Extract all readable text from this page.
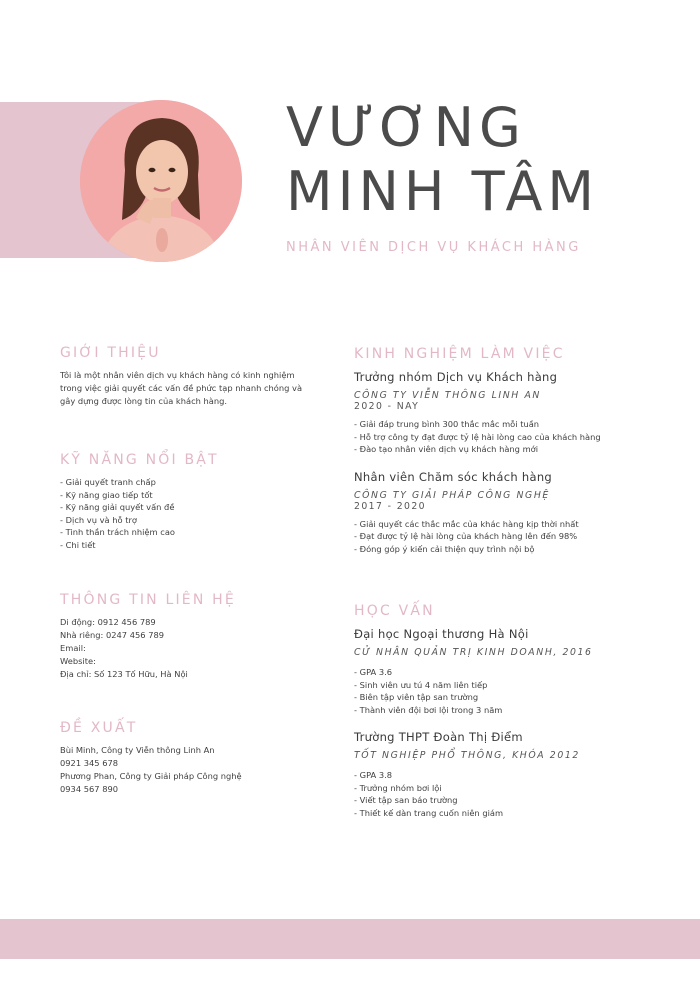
VƯƠNG
MINH TÂM
NHÂN VIÊN DỊCH VỤ KHÁCH HÀNG
GIỚI THIỆU
Tôi là một nhân viên dịch vụ khách hàng có kinh nghiệm trong việc giải quyết các vấn đề phức tạp nhanh chóng và gây dựng được lòng tin của khách hàng.
KỸ NĂNG NỔI BẬT
- Giải quyết tranh chấp
- Kỹ năng giao tiếp tốt
- Kỹ năng giải quyết vấn đề
- Dịch vụ và hỗ trợ
- Tinh thần trách nhiệm cao
- Chi tiết
THÔNG TIN LIÊN HỆ
Di động: 0912 456 789
Nhà riêng: 0247 456 789
Email:
Website:
Địa chỉ: Số 123 Tố Hữu, Hà Nội
ĐỀ XUẤT
Bùi Minh, Công ty Viễn thông Linh An
0921 345 678
Phương Phan, Công ty Giải pháp Công nghệ
0934 567 890
KINH NGHIỆM LÀM VIỆC
Trưởng nhóm Dịch vụ Khách hàng
CÔNG TY VIỄN THÔNG LINH AN
2020 - NAY
- Giải đáp trung bình 300 thắc mắc mỗi tuần
- Hỗ trợ công ty đạt được tỷ lệ hài lòng cao của khách hàng
- Đào tạo nhân viên dịch vụ khách hàng mới
Nhân viên Chăm sóc khách hàng
CÔNG TY GIẢI PHÁP CÔNG NGHỆ
2017 - 2020
- Giải quyết các thắc mắc của khác hàng kịp thời nhất
- Đạt được tỷ lệ hài lòng của khách hàng lên đến 98%
- Đóng góp ý kiến cải thiện quy trình nội bộ
HỌC VẤN
Đại học Ngoại thương Hà Nội
CỬ NHÂN QUẢN TRỊ KINH DOANH, 2016
- GPA 3.6
- Sinh viên ưu tú 4 năm liên tiếp
- Biên tập viên tập san trường
- Thành viên đội bơi lội trong 3 năm
Trường THPT Đoàn Thị Điểm
TỐT NGHIỆP PHỔ THÔNG, KHÓA 2012
- GPA 3.8
- Trưởng nhóm bơi lội
- Viết tập san báo trường
- Thiết kế dàn trang cuốn niên giám
